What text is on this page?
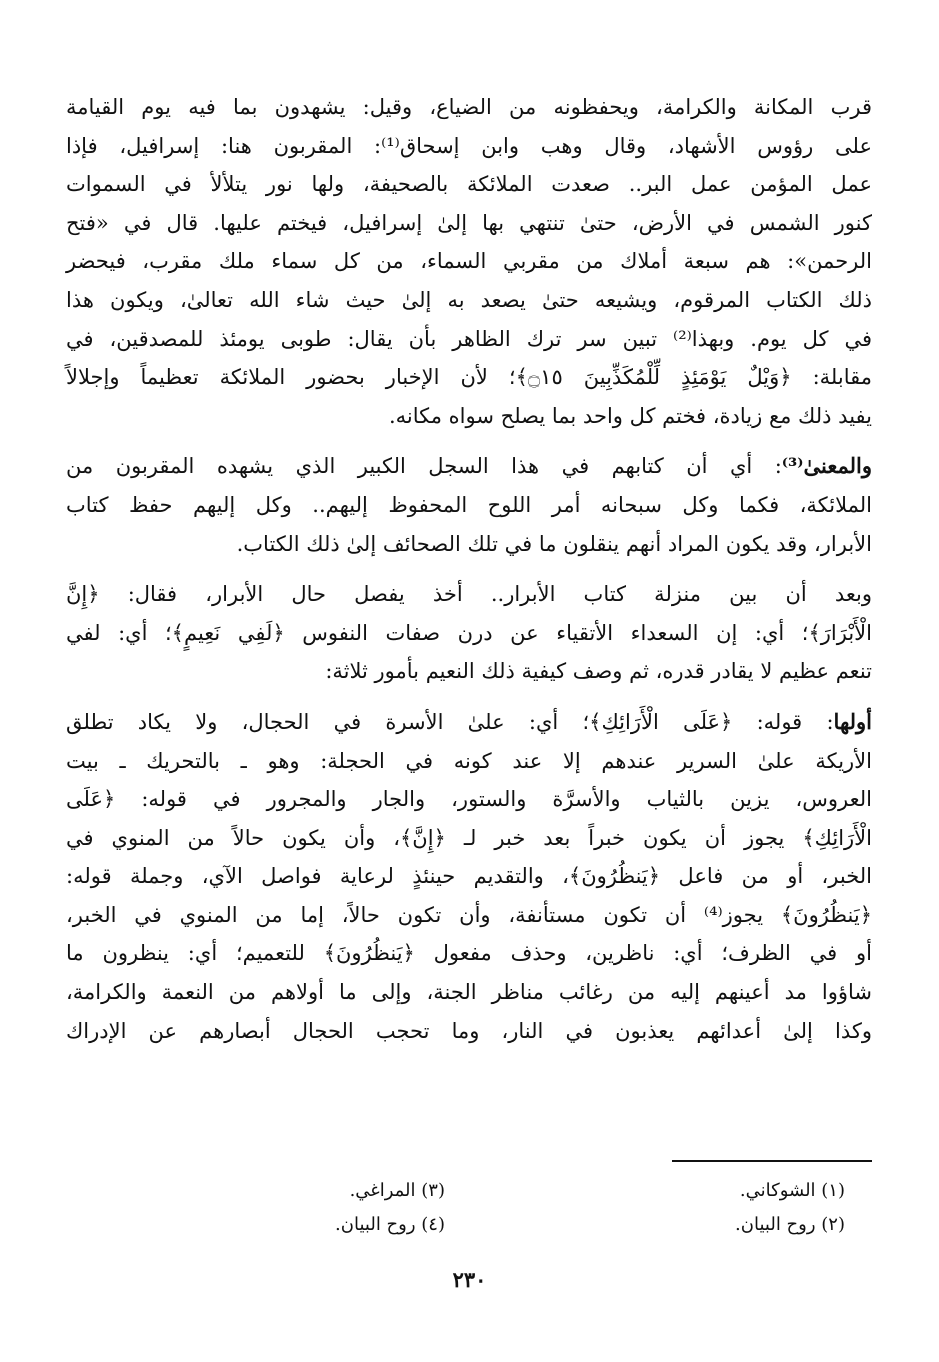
قرب المكانة والكرامة، ويحفظونه من الضياع، وقيل: يشهدون بما فيه يوم القيامة
على رؤوس الأشهاد، وقال وهب وابن إسحاق⁽¹⁾: المقربون هنا: إسرافيل، فإذا
عمل المؤمن عمل البر.. صعدت الملائكة بالصحيفة، ولها نور يتلألأ في السموات
كنور الشمس في الأرض، حتىٰ تنتهي بها إلىٰ إسرافيل، فيختم عليها. قال في «فتح
الرحمن»: هم سبعة أملاك من مقربي السماء، من كل سماء ملك مقرب، فيحضر
ذلك الكتاب المرقوم، ويشيعه حتىٰ يصعد به إلىٰ حيث شاء الله تعالىٰ، ويكون هذا
في كل يوم. وبهذا⁽²⁾ تبين سر ترك الظاهر بأن يقال: طوبى يومئذ للمصدقين، في
مقابلة: ﴿وَيْلٌ يَوْمَئِذٍ لِّلْمُكَذِّبِينَ ۝١٥﴾؛ لأن الإخبار بحضور الملائكة تعظيماً وإجلالاً
يفيد ذلك مع زيادة، فختم كل واحد بما يصلح سواه مكانه.

والمعنىٰ⁽³⁾: أي أن كتابهم في هذا السجل الكبير الذي يشهده المقربون من
الملائكة، فكما وكل سبحانه أمر اللوح المحفوظ إليهم.. وكل إليهم حفظ كتاب
الأبرار، وقد يكون المراد أنهم ينقلون ما في تلك الصحائف إلىٰ ذلك الكتاب.

وبعد أن بين منزلة كتاب الأبرار.. أخذ يفصل حال الأبرار، فقال: ﴿إِنَّ
الْأَبْرَارَ﴾؛ أي: إن السعداء الأتقياء عن درن صفات النفوس ﴿لَفِي نَعِيمٍ﴾؛ أي: لفي
تنعم عظيم لا يقادر قدره، ثم وصف كيفية ذلك النعيم بأمور ثلاثة:

أولها: قوله: ﴿عَلَى الْأَرَائِكِ﴾؛ أي: علىٰ الأسرة في الحجال، ولا يكاد تطلق
الأريكة علىٰ السرير عندهم إلا عند كونه في الحجلة: وهو ـ بالتحريك ـ بيت
العروس، يزين بالثياب والأسرَّة والستور، والجار والمجرور في قوله: ﴿عَلَى
الْأَرَائِكِ﴾ يجوز أن يكون خبراً بعد خبر لـ ﴿إِنَّ﴾، وأن يكون حالاً من المنوي في
الخبر، أو من فاعل ﴿يَنظُرُونَ﴾، والتقديم حينئذٍ لرعاية فواصل الآي، وجملة قوله:
﴿يَنظُرُونَ﴾ يجوز⁽⁴⁾ أن تكون مستأنفة، وأن تكون حالاً، إما من المنوي في الخبر،
أو في الظرف؛ أي: ناظرين، وحذف مفعول ﴿يَنظُرُونَ﴾ للتعميم؛ أي: ينظرون ما
شاؤوا مد أعينهم إليه من رغائب مناظر الجنة، وإلى ما أولاهم من النعمة والكرامة،
وكذا إلىٰ أعدائهم يعذبون في النار، وما تحجب الحجال أبصارهم عن الإدراك

(١) الشوكاني.
(٢) روح البيان.
(٣) المراغي.
(٤) روح البيان.
٢٣٠
